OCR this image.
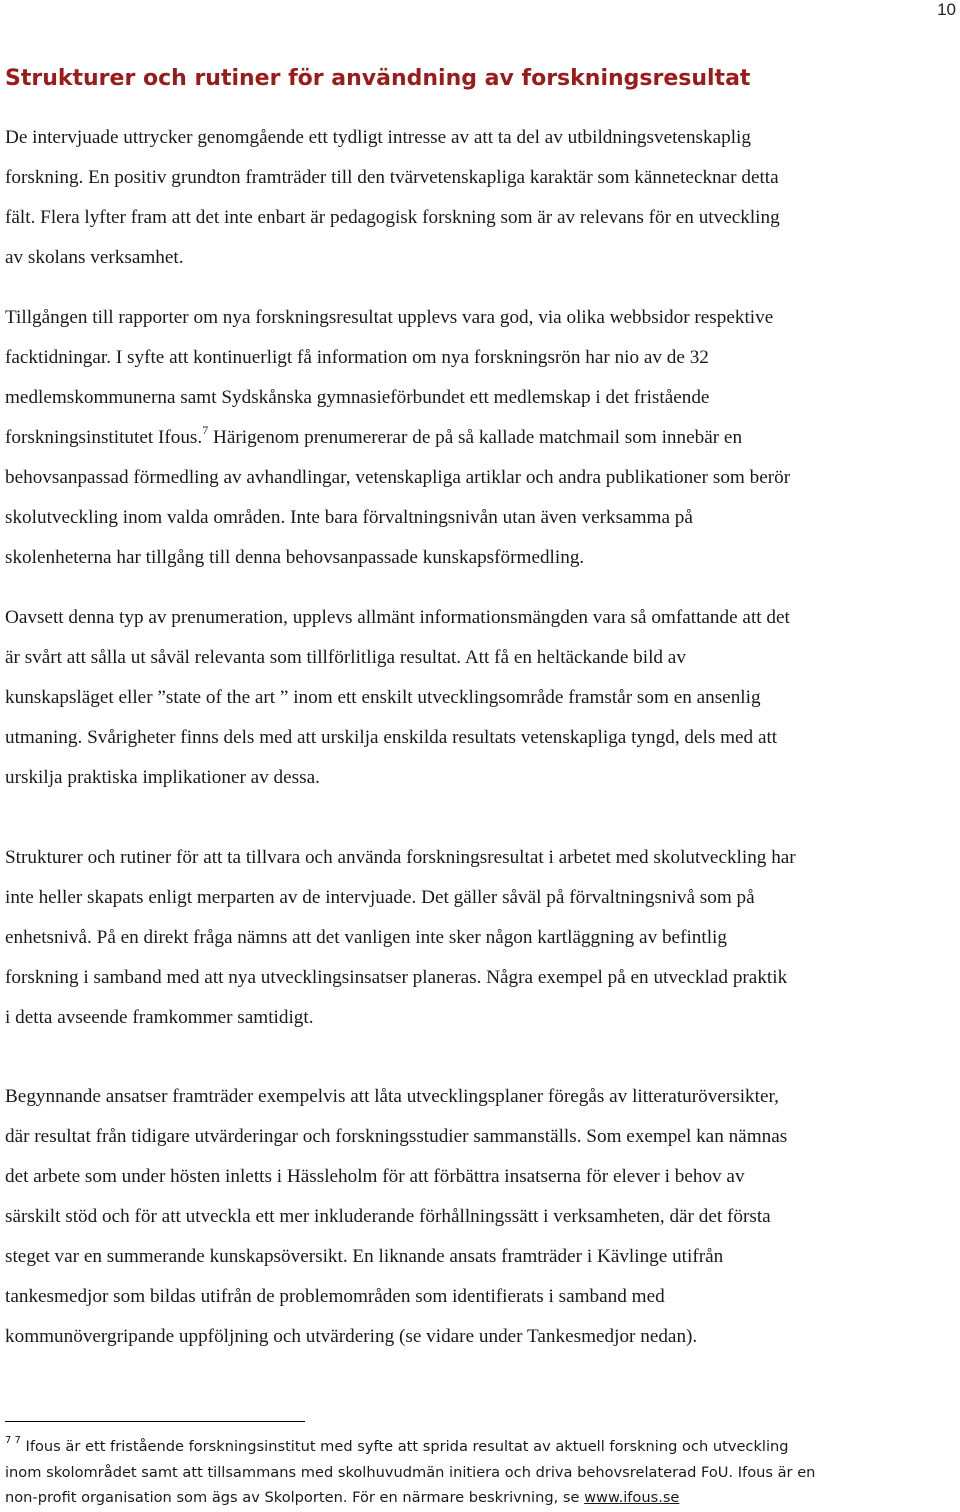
10
Strukturer och rutiner för användning av forskningsresultat
De intervjuade uttrycker genomgående ett tydligt intresse av att ta del av utbildningsvetenskaplig
forskning. En positiv grundton framträder till den tvärvetenskapliga karaktär som kännetecknar detta
fält. Flera lyfter fram att det inte enbart är pedagogisk forskning som är av relevans för en utveckling
av skolans verksamhet.
Tillgången till rapporter om nya forskningsresultat upplevs vara god, via olika webbsidor respektive
facktidningar. I syfte att kontinuerligt få information om nya forskningsrön har nio av de 32
medlemskommunerna samt Sydskånska gymnasieförbundet ett medlemskap i det fristående
forskningsinstitutet Ifous.$^7$ Härigenom prenumererar de på så kallade matchmail som innebär en
behovsanpassad förmedling av avhandlingar, vetenskapliga artiklar och andra publikationer som berör
skolutveckling inom valda områden. Inte bara förvaltningsnivån utan även verksamma på
skolenheterna har tillgång till denna behovsanpassade kunskapsförmedling.
Oavsett denna typ av prenumeration, upplevs allmänt informationsmängden vara så omfattande att det
är svårt att sålla ut såväl relevanta som tillförlitliga resultat. Att få en heltäckande bild av
kunskapsläget eller ”state of the art ” inom ett enskilt utvecklingsområde framstår som en ansenlig
utmaning. Svårigheter finns dels med att urskilja enskilda resultats vetenskapliga tyngd, dels med att
urskilja praktiska implikationer av dessa.
Strukturer och rutiner för att ta tillvara och använda forskningsresultat i arbetet med skolutveckling har
inte heller skapats enligt merparten av de intervjuade. Det gäller såväl på förvaltningsnivå som på
enhetsnivå. På en direkt fråga nämns att det vanligen inte sker någon kartläggning av befintlig
forskning i samband med att nya utvecklingsinsatser planeras. Några exempel på en utvecklad praktik
i detta avseende framkommer samtidigt.
Begynnande ansatser framträder exempelvis att låta utvecklingsplaner föregås av litteraturöversikter,
där resultat från tidigare utvärderingar och forskningsstudier sammanställs. Som exempel kan nämnas
det arbete som under hösten inletts i Hässleholm för att förbättra insatserna för elever i behov av
särskilt stöd och för att utveckla ett mer inkluderande förhållningssätt i verksamheten, där det första
steget var en summerande kunskapsöversikt. En liknande ansats framträder i Kävlinge utifrån
tankesmedjor som bildas utifrån de problemområden som identifierats i samband med
kommunövergripande uppföljning och utvärdering (se vidare under Tankesmedjor nedan).
$^{7 7}$ Ifous är ett fristående forskningsinstitut med syfte att sprida resultat av aktuell forskning och utveckling
inom skolområdet samt att tillsammans med skolhuvudmän initiera och driva behovsrelaterad FoU. Ifous är en
non-profit organisation som ägs av Skolporten. För en närmare beskrivning, se www.ifous.se
